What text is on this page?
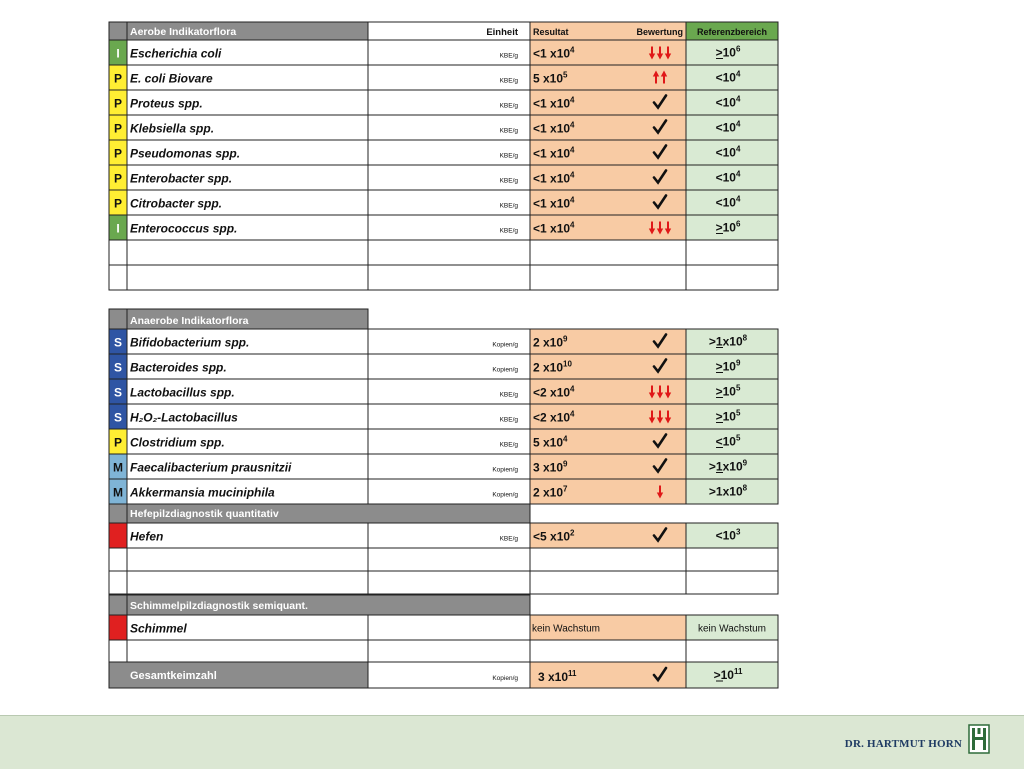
Aerobe Indikatorflora	Einheit Resultat	Bewertung Referenzbereich
I Escherichia coli	KBE/g <1 $x10^4$	$>10^6$
P E. coli Biovare	KBE/g 5 $x10^5$	$<10^4$
P Proteus spp.	KBE/g <1 $x10^4$	$<10^4$
P Klebsiella spp.	KBE/g <1 $x10^4$	$<10^4$
P Pseudomonas spp.	KBE/g <1 $x10^4$	$<10^4$
P Enterobacter spp.	KBE/g <1 $x10^4$	$<10^4$
P Citrobacter spp.	KBE/g <1 $x10^4$	$<10^4$
I Enterococcus spp.	KBE/g <1 $x10^4$	$>10^6$
Anaerobe Indikatorflora
S Bifidobacterium spp.	Kopien/g 2 $x10^9$	$>1x10^8$
S Bacteroides spp.	Kopien/g 2 $x10^{10}$	$>10^9$
S Lactobacillus spp.	KBE/g <2 $x10^4$	$>10^5$
S H₂O₂-Lactobacillus	KBE/g <2 $x10^4$	$>10^5$
P Clostridium spp.	KBE/g 5 $x10^4$	$<10^5$
M Faecalibacterium prausnitzii	Kopien/g 3 $x10^9$	$>1x10^9$
M Akkermansia muciniphila	Kopien/g 2 $x10^7$	$>1x10^8$
Hefepilzdiagnostik quantitativ
Hefen	KBE/g <5 $x10^2$	$<10^3$
Schimmelpilzdiagnostik semiquant.
Schimmel	kein Wachstum	kein Wachstum
Gesamtkeimzahl	Kopien/g 3 $x10^{11}$	$>10^{11}$
DR. HARTMUT HORN
